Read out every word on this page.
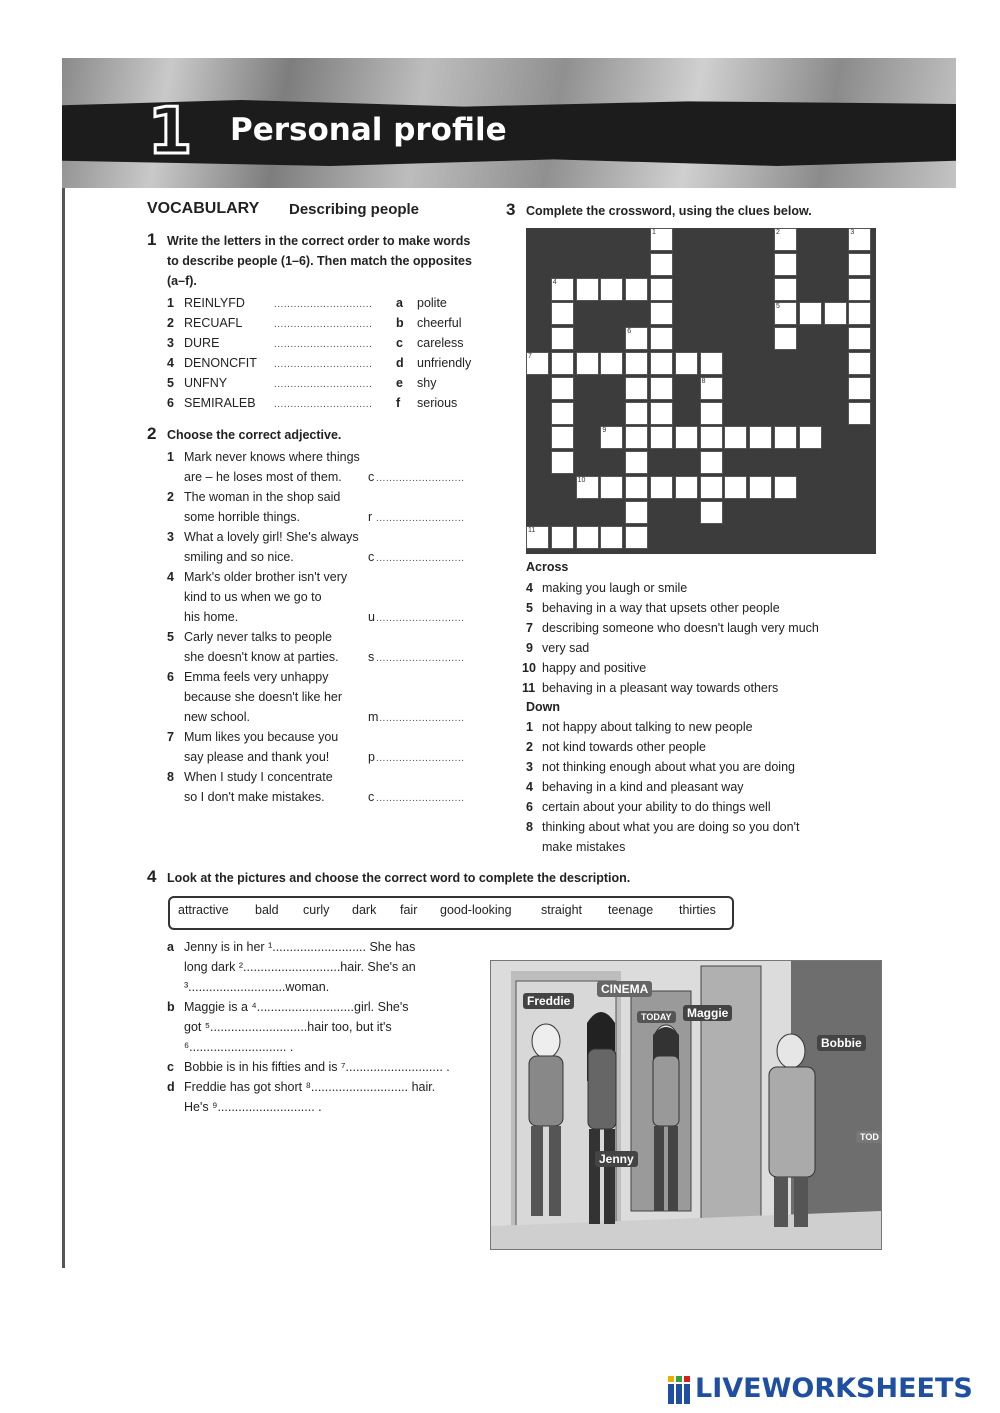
1 Personal profile
VOCABULARY Describing people
1 Write the letters in the correct order to make words to describe people (1–6). Then match the opposites (a–f).
2 Choose the correct adjective.
3 Complete the crossword, using the clues below.
Across
Down
make mistakes
4 Look at the pictures and choose the correct word to complete the description.
Freddie
CINEMA
TODAY	Maggie
Bobbie
Jenny
TOD
LIVEWORKSHEETS
1 REINLYFD	.............................. a polite
2 RECUAFL	.............................. b cheerful
3 DURE	.............................. c careless
4 DENONCFIT .............................. d unfriendly
5 UNFNY	.............................. e shy
6 SEMIRALEB .............................. f serious
1 Mark never knows where things
are – he loses most of them. c ...........................
2 The woman in the shop said
some horrible things.	r ...........................
3 What a lovely girl! She's always
smiling and so nice.	c ...........................
4 Mark's older brother isn't very
kind to us when we go to
his home.	u ...........................
5 Carly never talks to people
she doesn't know at parties. s ...........................
6 Emma feels very unhappy
because she doesn't like her
new school.	m
...........................
7 Mum likes you because you
say please and thank you!	p ...........................
8 When I study I concentrate
so I don't make mistakes.	c ...........................
1	2	3
4
5
6
7
8
9
10
11
4 making you laugh or smile
5 behaving in a way that upsets other people
7 describing someone who doesn't laugh very much
9 very sad
10 happy and positive
11 behaving in a pleasant way towards others
1 not happy about talking to new people
2 not kind towards other people
3 not thinking enough about what you are doing
4 behaving in a kind and pleasant way
6 certain about your ability to do things well
8 thinking about what you are doing so you don't
attractive bald curly dark fair good-looking straight teenage thirties
a Jenny is in her ¹........................... She has
long dark ²............................hair. She's an
³............................woman.
b Maggie is a ⁴............................girl. She's
got ⁵............................hair too, but it's
⁶............................ .
c Bobbie is in his fifties and is ⁷............................ .
d Freddie has got short ⁸............................ hair.
He's ⁹............................ .
